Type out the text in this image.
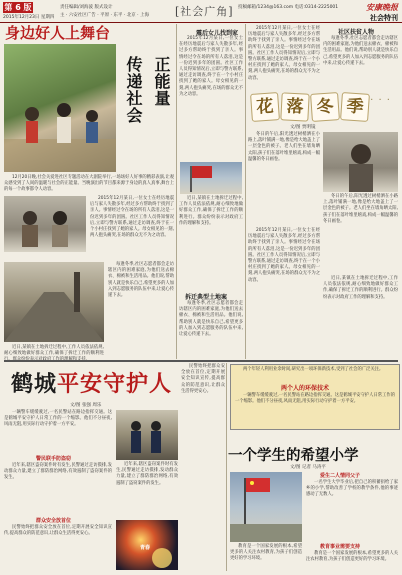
第 6 版
2015年12月23日 星期四
责任编辑/刘海波 版式设计
主 · 六安社区广告 · 平原 · 东平 · 北京 · 上海 [社会广角] 投稿邮箱/1234@163.com 电话:0314-2225001	安康晚报
社会特刊
身边好人上舞台
传递社会 正能量

12月20日晚,社会关爱进社区专题活动在大剧院举行,一场场好人好事的精彩表演,让观众感受到了人间的温暖与社会的正能量。当晚演出的节目都来源于身边的真人真事,舞台上的每一个故事都令人动容。

2015年12月某日,一位女士在经历地震后与家人失散多年,经过多方帮助终于找到了亲人。事情经过令在场的所有人落泪,这是一份迟到多年的团圆。社区工作人员得知情况后,立即与警方联系,通过走访调查,终于在一个小村庄找到了她的家人。母女相见的一刻,两人抱头痛哭,在场的群众无不为之动容。

每逢冬季,社区志愿者都会走访辖区内的困难家庭,为他们送去棉衣、棉被和生活用品。他们说,帮助别人就是快乐自己,希望更多的人加入到志愿服务的队伍中来,让爱心传递下去。

近日,某镇在土地拆迁过程中,工作人员依法依规,耐心细致地做好群众工作,确保了拆迁工作的顺利进行。群众纷纷表示对政府工作的理解和支持。

震后女儿找到家

2015年12月某日,一位女士在经历地震后与家人失散多年,经过多方帮助终于找到了亲人。事情经过令在场的所有人落泪,这是一份迟到多年的团圆。社区工作人员得知情况后,立即与警方联系,通过走访调查,终于在一个小村庄找到了她的家人。母女相见的一刻,两人抱头痛哭,在场的群众无不为之动容。

近日,某镇在土地拆迁过程中,工作人员依法依规,耐心细致地做好群众工作,确保了拆迁工作的顺利进行。群众纷纷表示对政府工作的理解和支持。

拆迁典型土地案

每逢冬季,社区志愿者都会走访辖区内的困难家庭,为他们送去棉衣、棉被和生活用品。他们说,帮助别人就是快乐自己,希望更多的人加入到志愿服务的队伍中来,让爱心传递下去。

2015年12月某日,一位女士在经历地震后与家人失散多年,经过多方帮助终于找到了亲人。事情经过令在场的所有人落泪,这是一份迟到多年的团圆。社区工作人员得知情况后,立即与警方联系,通过走访调查,终于在一个小村庄找到了她的家人。母女相见的一刻,两人抱头痛哭,在场的群众无不为之动容。

社区扶贫人物

每逢冬季,社区志愿者都会走访辖区内的困难家庭,为他们送去棉衣、棉被和生活用品。他们说,帮助别人就是快乐自己,希望更多的人加入到志愿服务的队伍中来,让爱心传递下去。

花 落 冬 季 · · ·
文/图 贾明镜

冬日的午后,阳光透过树梢洒在小路上,落叶铺满一地,像是给大地盖上了一层金色的被子。老人们坐在墙角晒太阳,孩子们在落叶堆里嬉戏,构成一幅温馨的冬日画卷。

冬日的午后,阳光透过树梢洒在小路上,落叶铺满一地,像是给大地盖上了一层金色的被子。老人们坐在墙角晒太阳,孩子们在落叶堆里嬉戏,构成一幅温馨的冬日画卷。

2015年12月某日,一位女士在经历地震后与家人失散多年,经过多方帮助终于找到了亲人。事情经过令在场的所有人落泪,这是一份迟到多年的团圆。社区工作人员得知情况后,立即与警方联系,通过走访调查,终于在一个小村庄找到了她的家人。母女相见的一刻,两人抱头痛哭,在场的群众无不为之动容。	近日,某镇在土地拆迁过程中,工作人员依法依规,耐心细致地做好群众工作,确保了拆迁工作的顺利进行。群众纷纷表示对政府工作的理解和支持。

鹤城平安守护人
文/图 张强 周乐

一辆警车缓缓驶过,一名民警站在路边指挥交通。这是鹤城平安守护人日常工作的一个缩影。他们不分昼夜,风雨无阻,用实际行动守护着一方平安。

警民联手防盗窃

近年来,辖区盗窃案件时有发生,民警通过走访摸排,发动群众力量,建立了群防群治网络,有效遏制了盗窃案件的发生。

群众安全放首位

民警始终把群众安全放在首位,定期开展安全知识宣传,提高群众的防范意识,让群众生活得更安心。

近年来,辖区盗窃案件时有发生,民警通过走访摸排,发动群众力量,建立了群防群治网络,有效遏制了盗窃案件的发生。

青春

民警始终把群众安全放在首位,定期开展安全知识宣传,提高群众的防范意识,让群众生活得更安心。	两个人的环保技术

两个年轻人利用业余时间,研究出一项环保新技术,受到了社会的广泛关注。

一辆警车缓缓驶过,一名民警站在路边指挥交通。这是鹤城平安守护人日常工作的一个缩影。他们不分昼夜,风雨无阻,用实际行动守护着一方平安。

一个学生的希望小学
文/图 记者 马涛平
爱生二人情同父子

一名学生大学毕业后,把自己的积蓄捐给了家乡的小学,帮助改善了学校的教学条件,他的事迹感动了无数人。

教育是一个国家发展的根本,希望更多的人关注农村教育,为孩子们创造更好的学习环境。

教育事业需要支持

教育是一个国家发展的根本,希望更多的人关注农村教育,为孩子们创造更好的学习环境。
